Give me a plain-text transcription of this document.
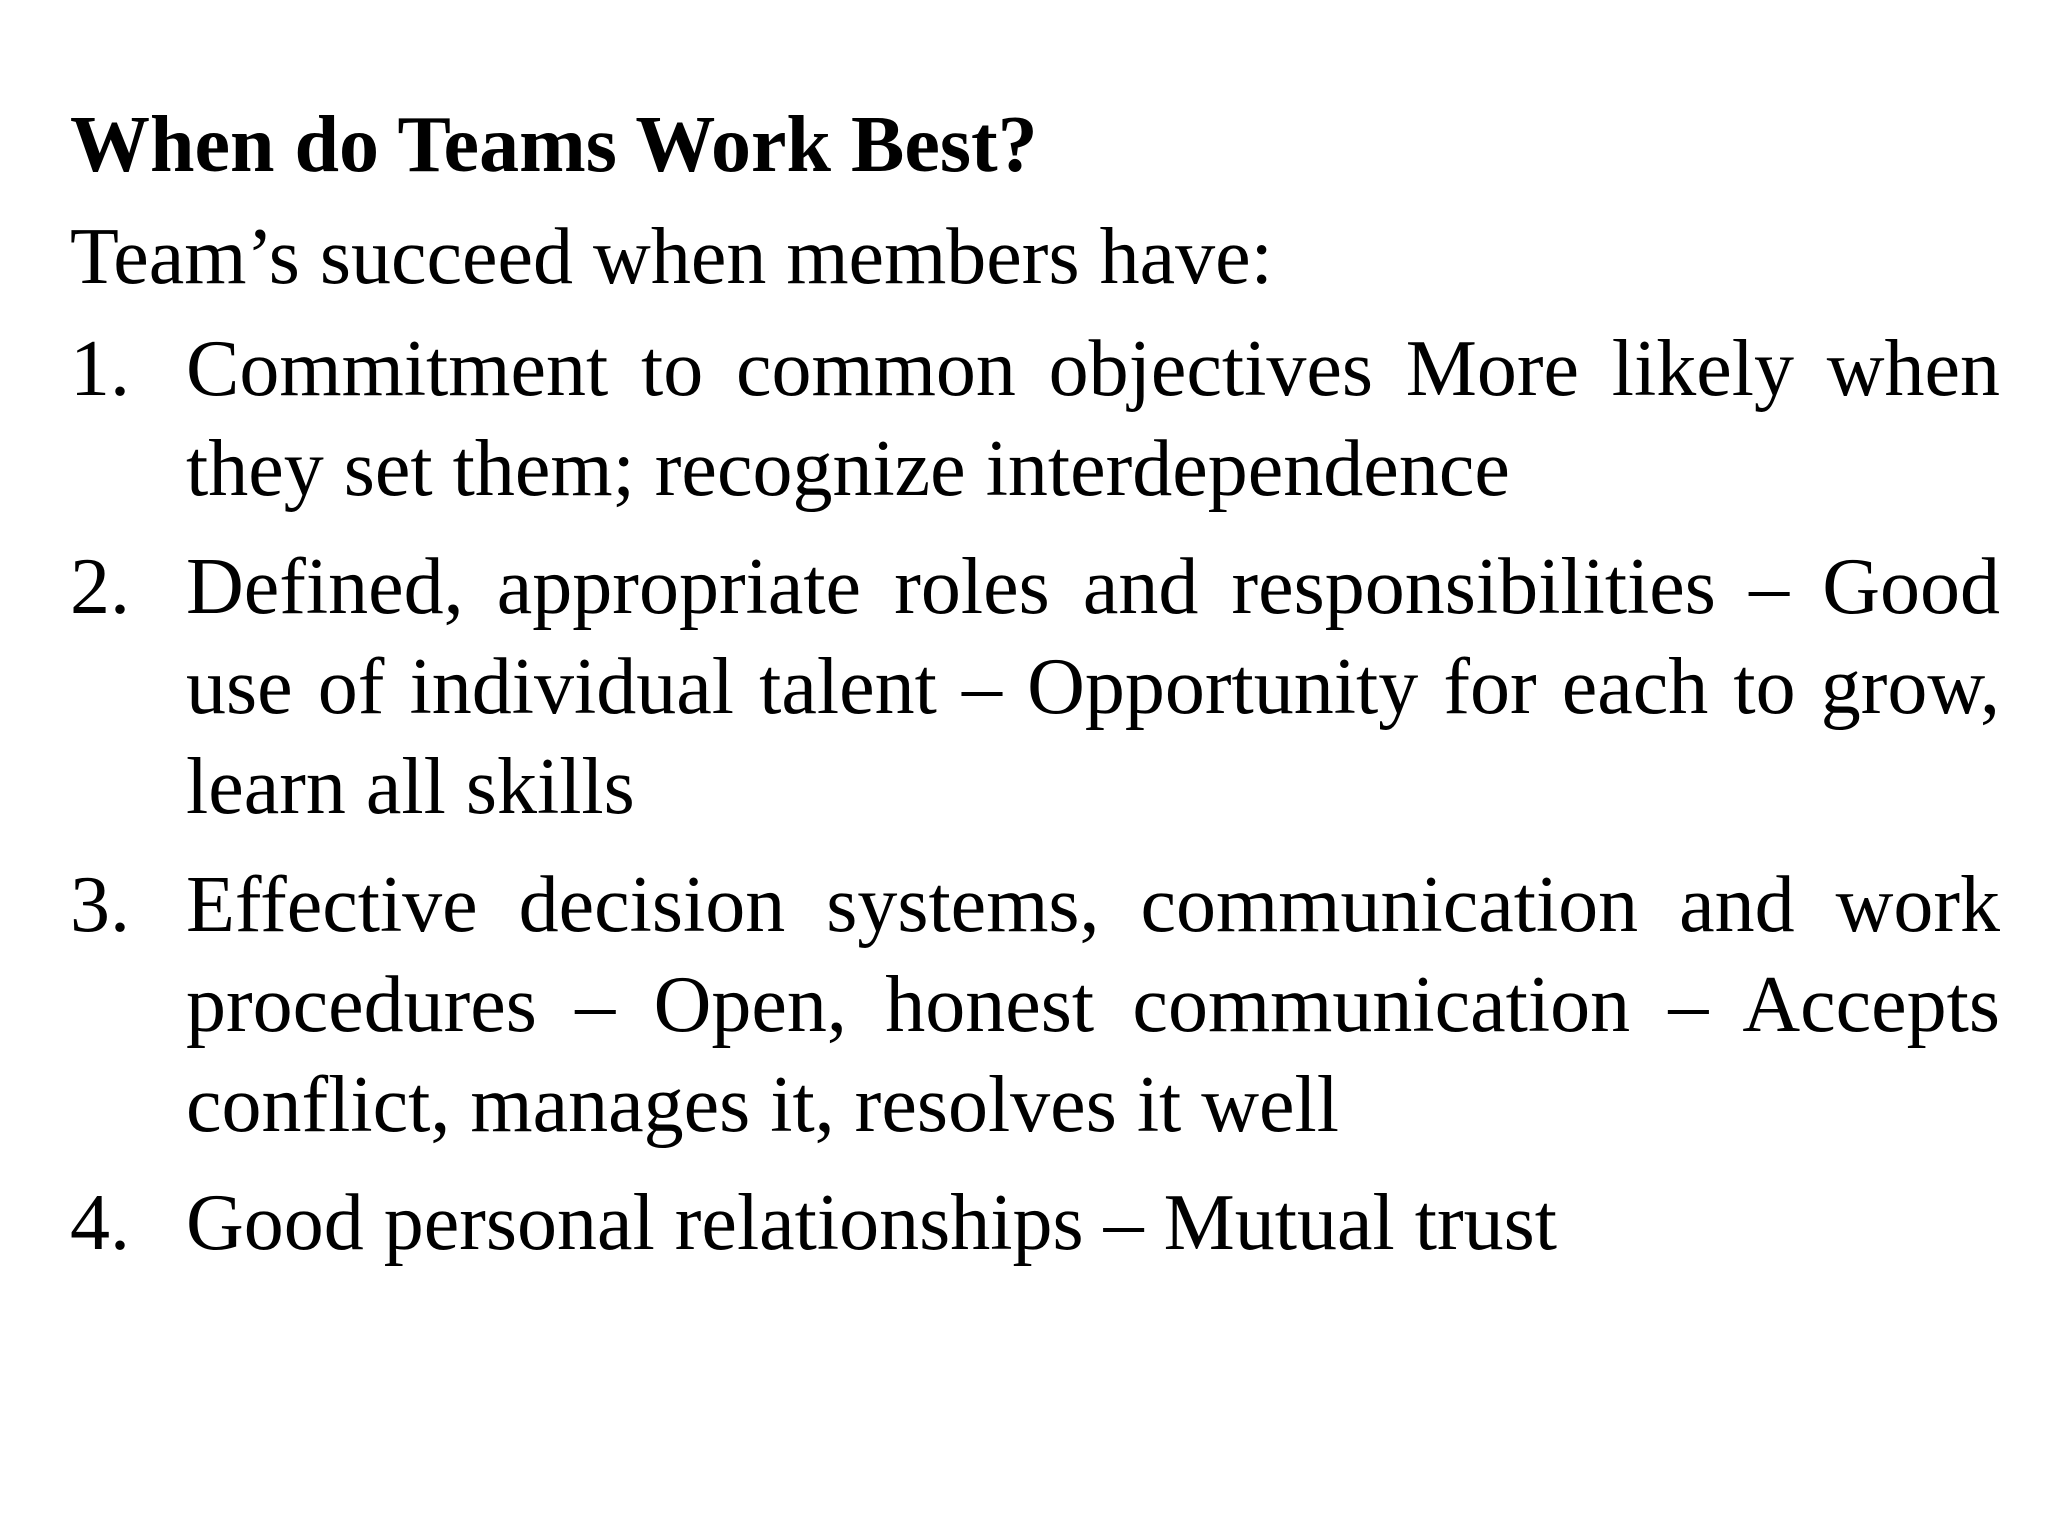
When do Teams Work Best?

Team’s succeed when members have:

1. Commitment to common objectives More likely when they set them; recognize interdependence
2. Defined, appropriate roles and responsibilities – Good use of individual talent – Opportunity for each to grow, learn all skills
3. Effective decision systems, communication and work procedures – Open, honest communication – Accepts conflict, manages it, resolves it well
4. Good personal relationships – Mutual trust
